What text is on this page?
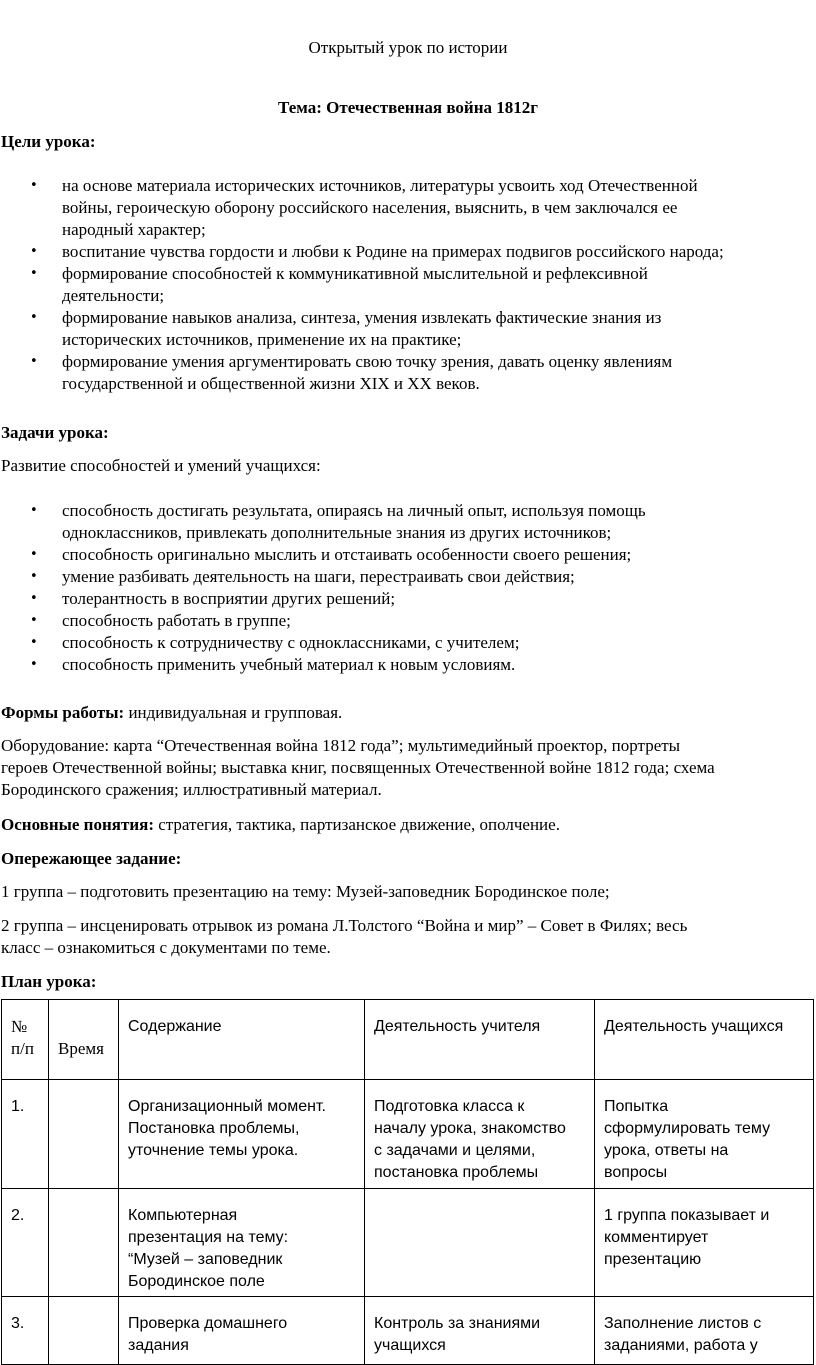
Открытый урок по истории
Тема: Отечественная война 1812г
Цели урока:
• на основе материала исторических источников, литературы усвоить ход Отечественной
войны, героическую оборону российского населения, выяснить, в чем заключался ее
народный характер;
• воспитание чувства гордости и любви к Родине на примерах подвигов российского народа;
• формирование способностей к коммуникативной мыслительной и рефлексивной
деятельности;
• формирование навыков анализа, синтеза, умения извлекать фактические знания из
исторических источников, применение их на практике;
• формирование умения аргументировать свою точку зрения, давать оценку явлениям
государственной и общественной жизни XIX и XX веков.
Задачи урока:
Развитие способностей и умений учащихся:
• способность достигать результата, опираясь на личный опыт, используя помощь
одноклассников, привлекать дополнительные знания из других источников;
• способность оригинально мыслить и отстаивать особенности своего решения;
• умение разбивать деятельность на шаги, перестраивать свои действия;
• толерантность в восприятии других решений;
• способность работать в группе;
• способность к сотрудничеству с одноклассниками, с учителем;
• способность применить учебный материал к новым условиям.
Формы работы: индивидуальная и групповая.
Оборудование: карта “Отечественная война 1812 года”; мультимедийный проектор, портреты
героев Отечественной войны; выставка книг, посвященных Отечественной войне 1812 года; схема
Бородинского сражения; иллюстративный материал.
Основные понятия: стратегия, тактика, партизанское движение, ополчение.
Опережающее задание:
1 группа – подготовить презентацию на тему: Музей-заповедник Бородинское поле;
2 группа – инсценировать отрывок из романа Л.Толстого “Война и мир” – Совет в Филях; весь
класс – ознакомиться с документами по теме.
План урока:
№
п/п	Время	Содержание	Деятельность учителя	Деятельность учащихся
1.		Организационный момент.
Постановка проблемы,
уточнение темы урока.	Подготовка класса к
началу урока, знакомство
с задачами и целями,
постановка проблемы	Попытка
сформулировать тему
урока, ответы на
вопросы

2.		Компьютерная
презентация на тему:
“Музей – заповедник
Бородинское поле		1 группа показывает и
комментирует
презентацию

3.		Проверка домашнего
задания	Контроль за знаниями
учащихся	Заполнение листов с
заданиями, работа у
